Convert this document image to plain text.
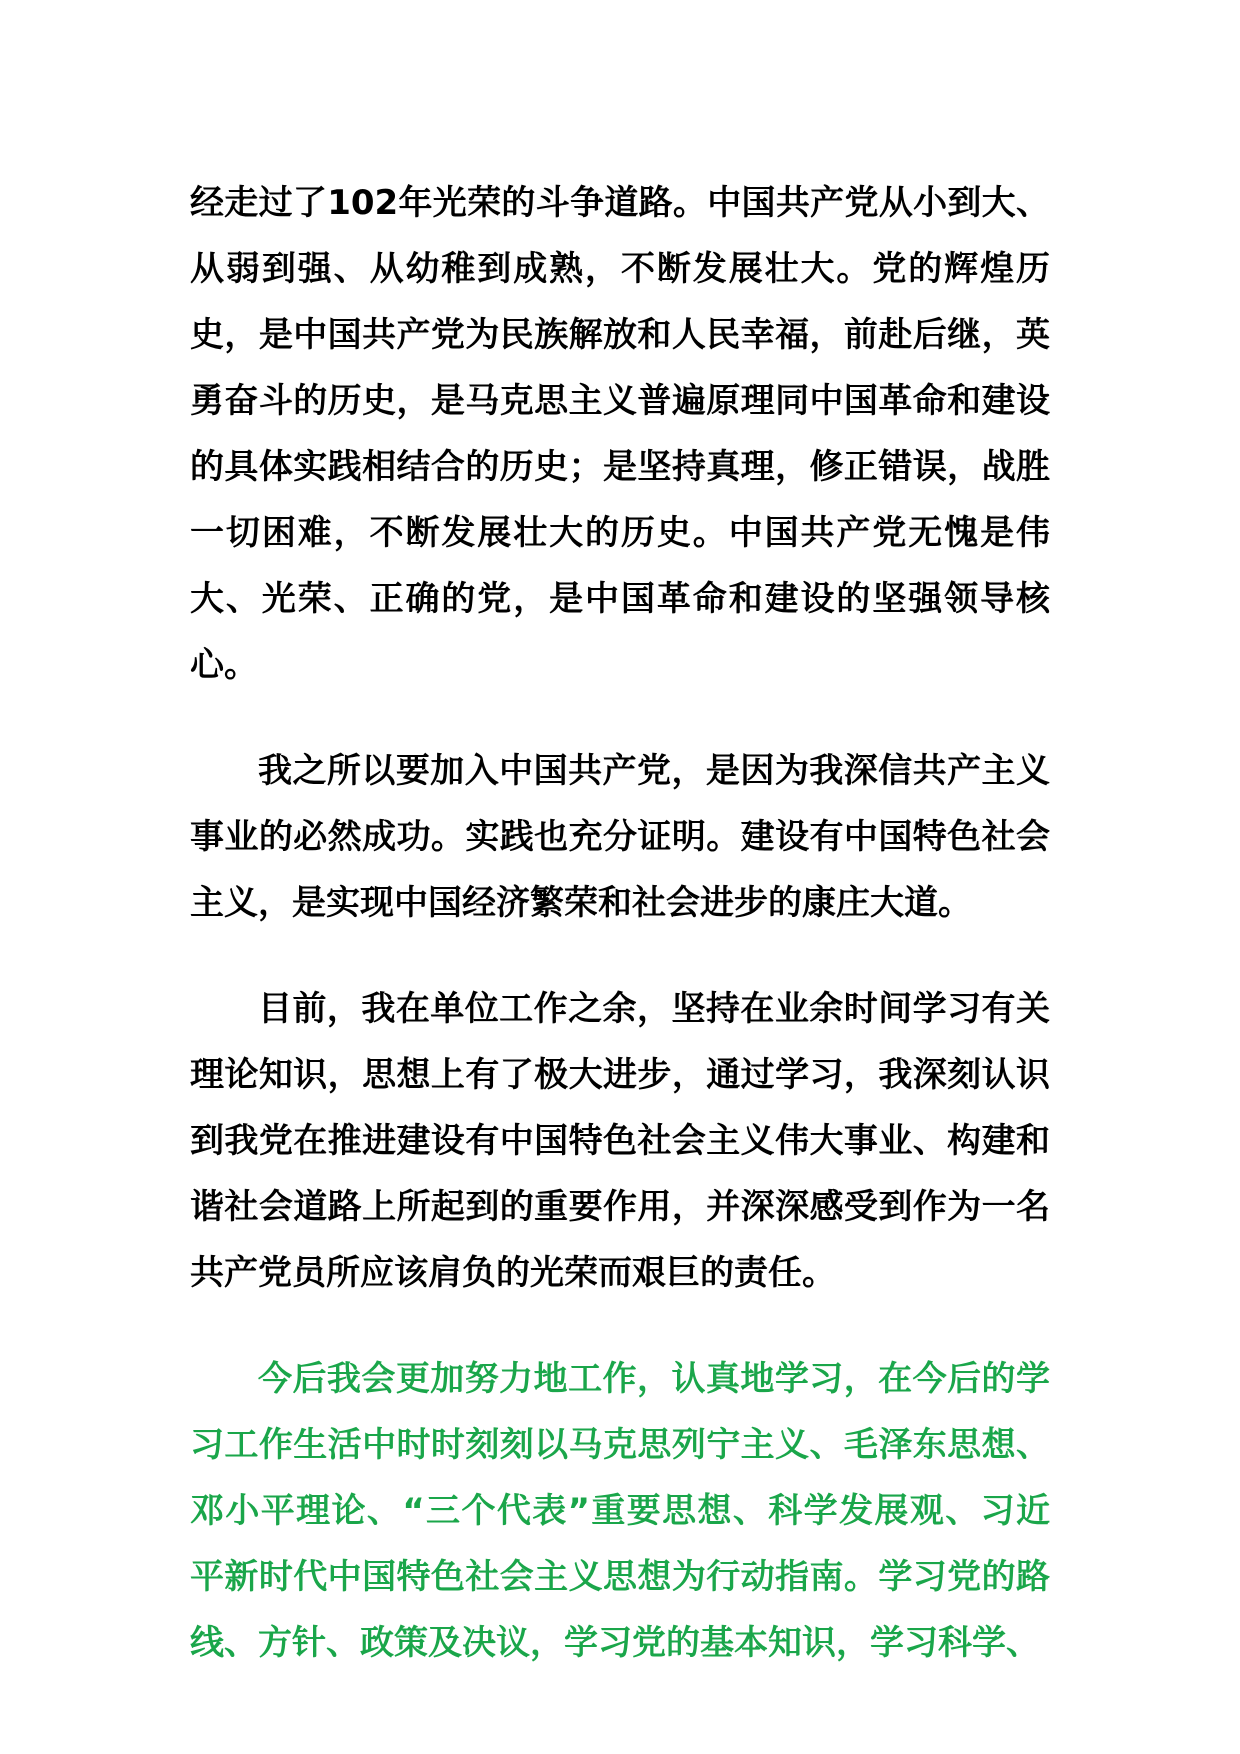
经走过了102年光荣的斗争道路。中国共产党从小到大、从弱到强、从幼稚到成熟，不断发展壮大。党的辉煌历史，是中国共产党为民族解放和人民幸福，前赴后继，英勇奋斗的历史，是马克思主义普遍原理同中国革命和建设的具体实践相结合的历史；是坚持真理，修正错误，战胜一切困难，不断发展壮大的历史。中国共产党无愧是伟大、光荣、正确的党，是中国革命和建设的坚强领导核心。

我之所以要加入中国共产党，是因为我深信共产主义事业的必然成功。实践也充分证明。建设有中国特色社会主义，是实现中国经济繁荣和社会进步的康庄大道。

目前，我在单位工作之余，坚持在业余时间学习有关理论知识，思想上有了极大进步，通过学习，我深刻认识到我党在推进建设有中国特色社会主义伟大事业、构建和谐社会道路上所起到的重要作用，并深深感受到作为一名共产党员所应该肩负的光荣而艰巨的责任。

今后我会更加努力地工作，认真地学习，在今后的学习工作生活中时时刻刻以马克思列宁主义、毛泽东思想、邓小平理论、“三个代表”重要思想、科学发展观、习近平新时代中国特色社会主义思想为行动指南。学习党的路线、方针、政策及决议，学习党的基本知识，学习科学、
